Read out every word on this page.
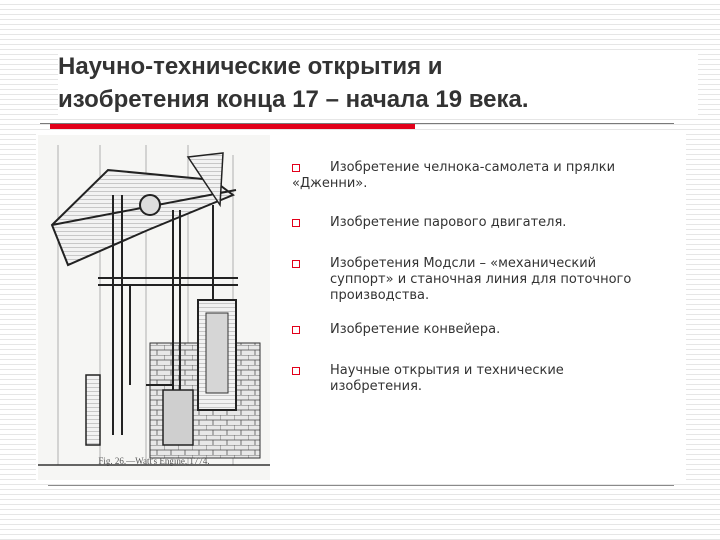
Научно-технические открытия и
изобретения конца 17 – начала 19 века.
Fig. 26.—Watt's Engine, 1774.
Изобретение челнока-самолета и прялки «Дженни».
Изобретение парового двигателя.
Изобретения Модсли – «механический суппорт» и станочная линия для поточного производства.
Изобретение конвейера.
Научные открытия и технические изобретения.
